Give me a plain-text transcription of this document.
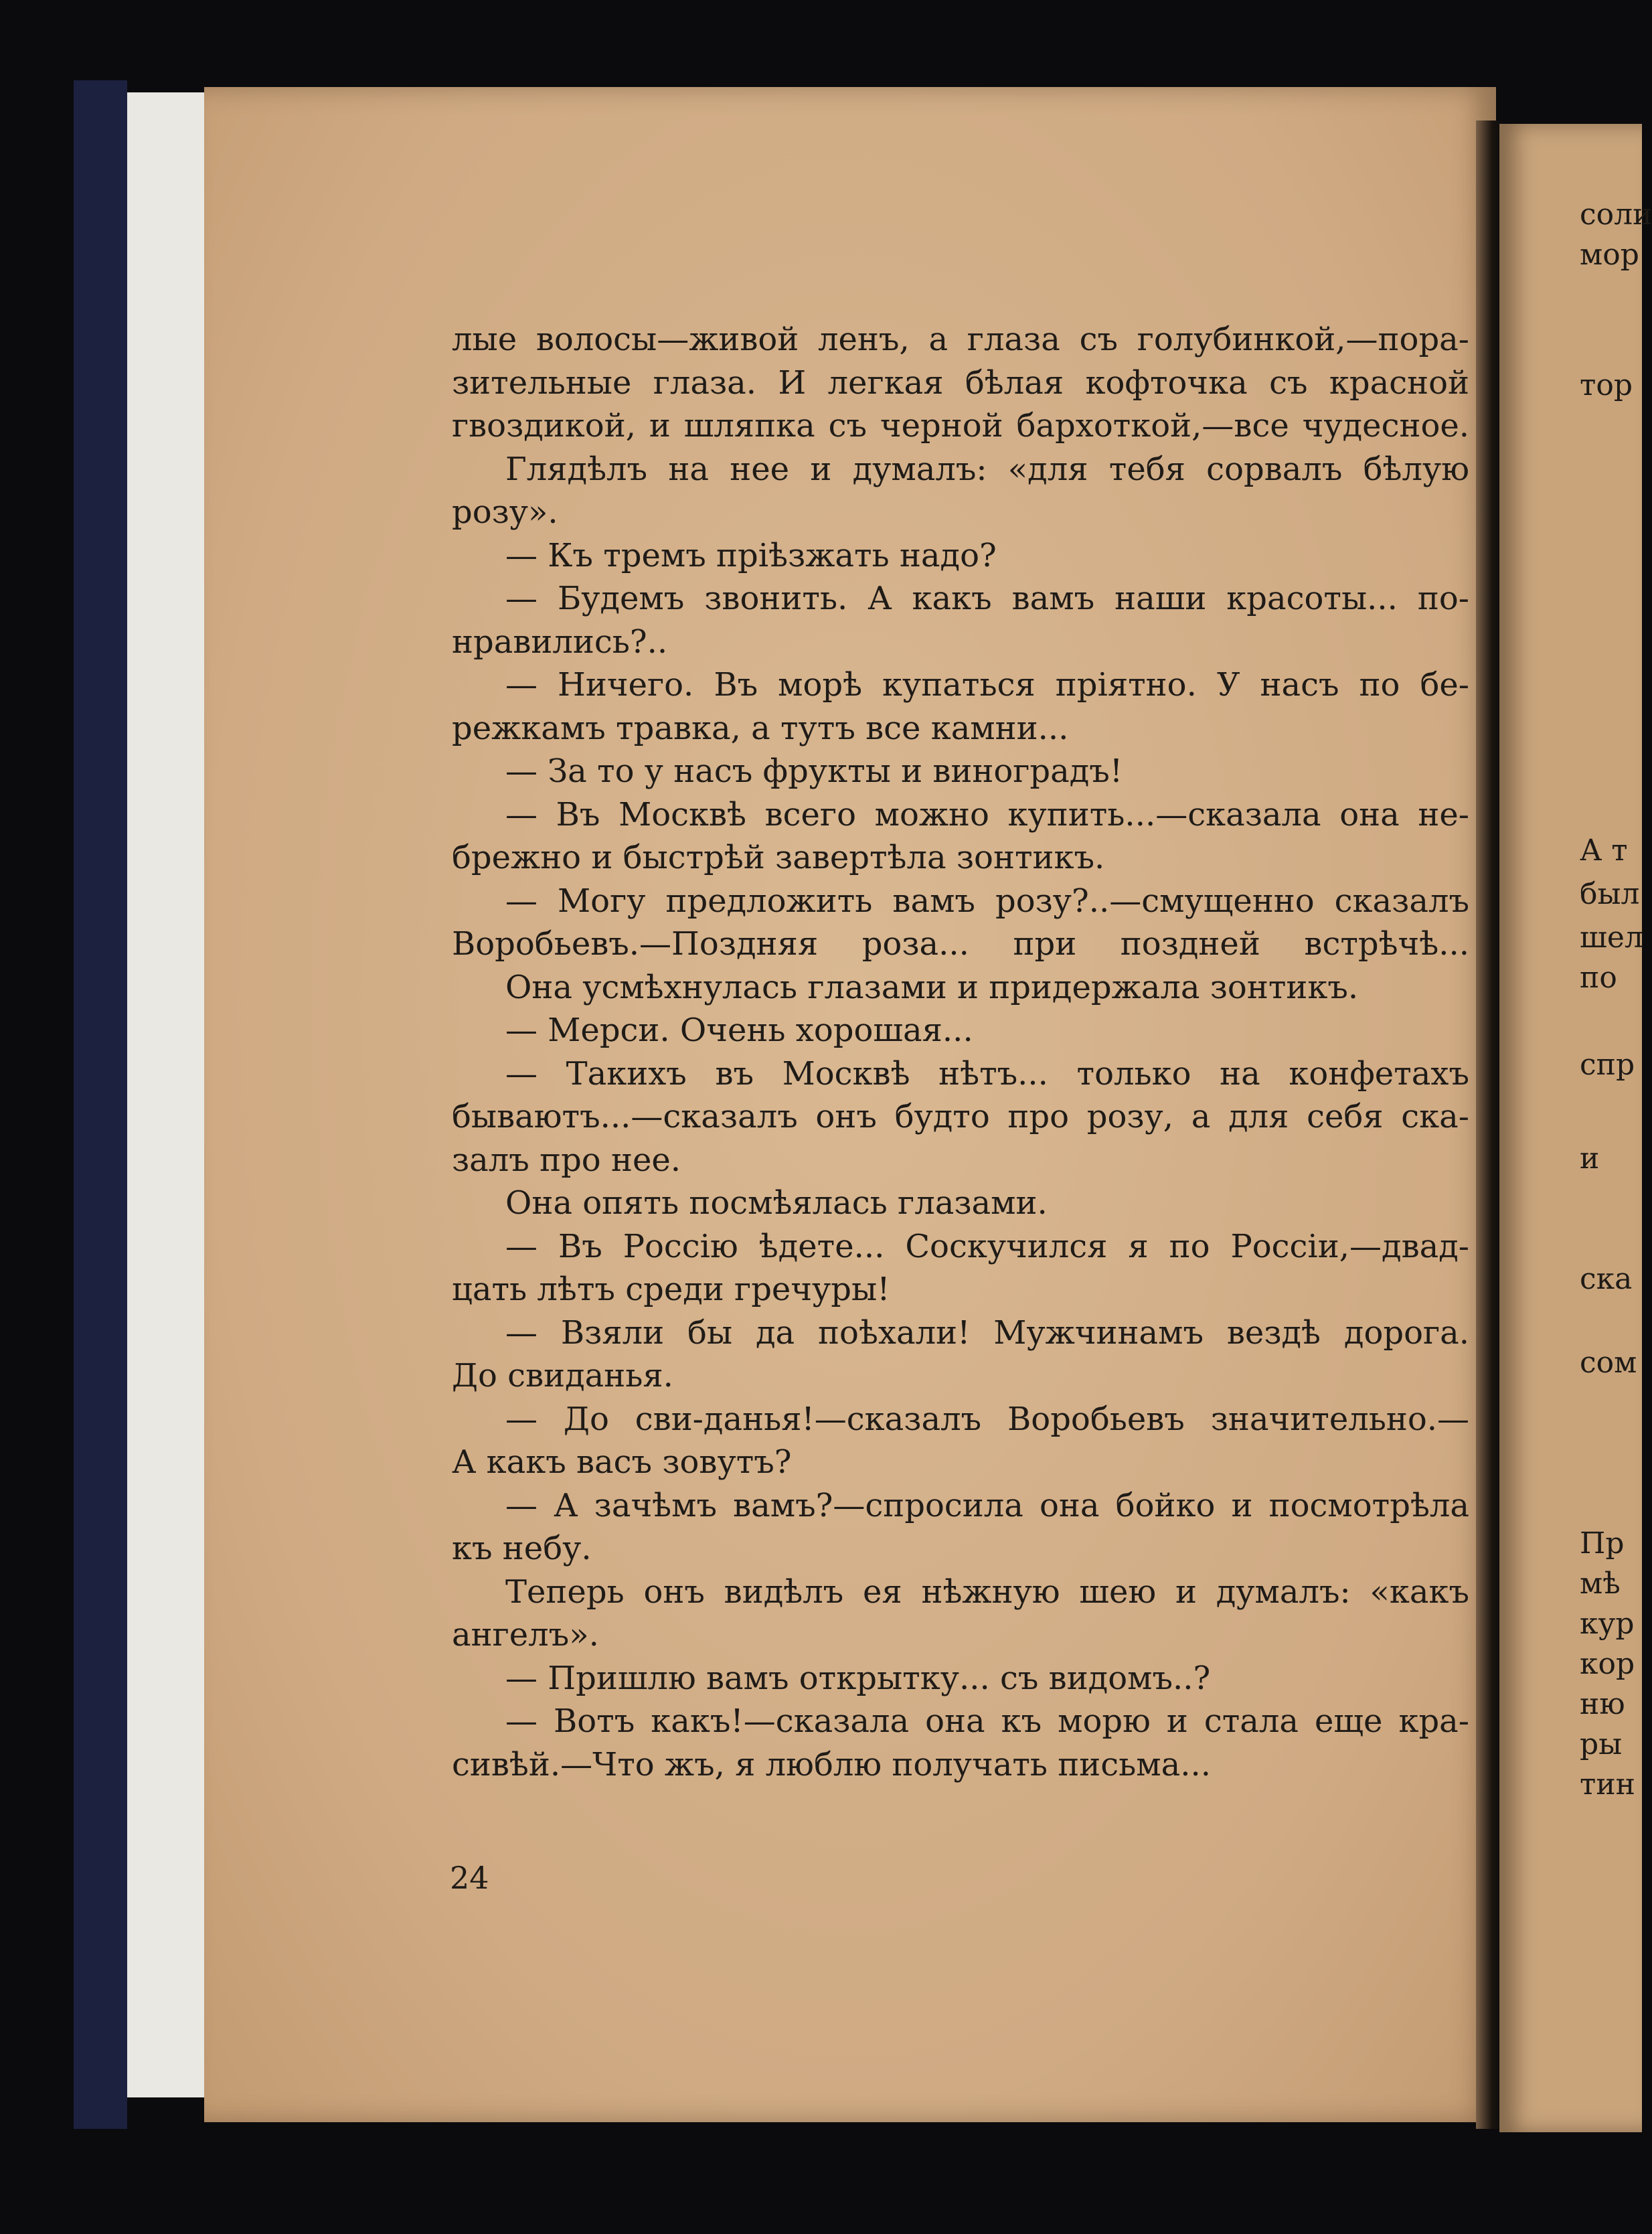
соли

мор

тор

А т

был

шел

по

спр

и

ска

сом

Пр

мѣ

кур

кор

ню

ры

тин

лые волосы—живой ленъ, а глаза съ голубинкой,—пора-
зительные глаза. И легкая бѣлая кофточка съ красной
гвоздикой, и шляпка съ черной бархоткой,—все чудесное.
Глядѣлъ на нее и думалъ: «для тебя сорвалъ бѣлую
розу».
— Къ тремъ прiѣзжать надо?
— Будемъ звонить. А какъ вамъ наши красоты... по-
нравились?..
— Ничего. Въ морѣ купаться прiятно. У насъ по бе-
режкамъ травка, а тутъ все камни...
— За то у насъ фрукты и виноградъ!
— Въ Москвѣ всего можно купить...—сказала она не-
брежно и быстрѣй завертѣла зонтикъ.
— Могу предложить вамъ розу?..—смущенно сказалъ
Воробьевъ.—Поздняя роза... при поздней встрѣчѣ...
Она усмѣхнулась глазами и придержала зонтикъ.
— Мерси. Очень хорошая...
— Такихъ въ Москвѣ нѣтъ... только на конфетахъ
бываютъ...—сказалъ онъ будто про розу, а для себя ска-
залъ про нее.
Она опять посмѣялась глазами.
— Въ Россiю ѣдете... Соскучился я по Россiи,—двад-
цать лѣтъ среди гречуры!
— Взяли бы да поѣхали! Мужчинамъ вездѣ дорога.
До свиданья.
— До сви-данья!—сказалъ Воробьевъ значительно.—
А какъ васъ зовутъ?
— А зачѣмъ вамъ?—спросила она бойко и посмотрѣла
къ небу.
Теперь онъ видѣлъ ея нѣжную шею и думалъ: «какъ
ангелъ».
— Пришлю вамъ открытку... съ видомъ..?
— Вотъ какъ!—сказала она къ морю и стала еще кра-
сивѣй.—Что жъ, я люблю получать письма...
24
